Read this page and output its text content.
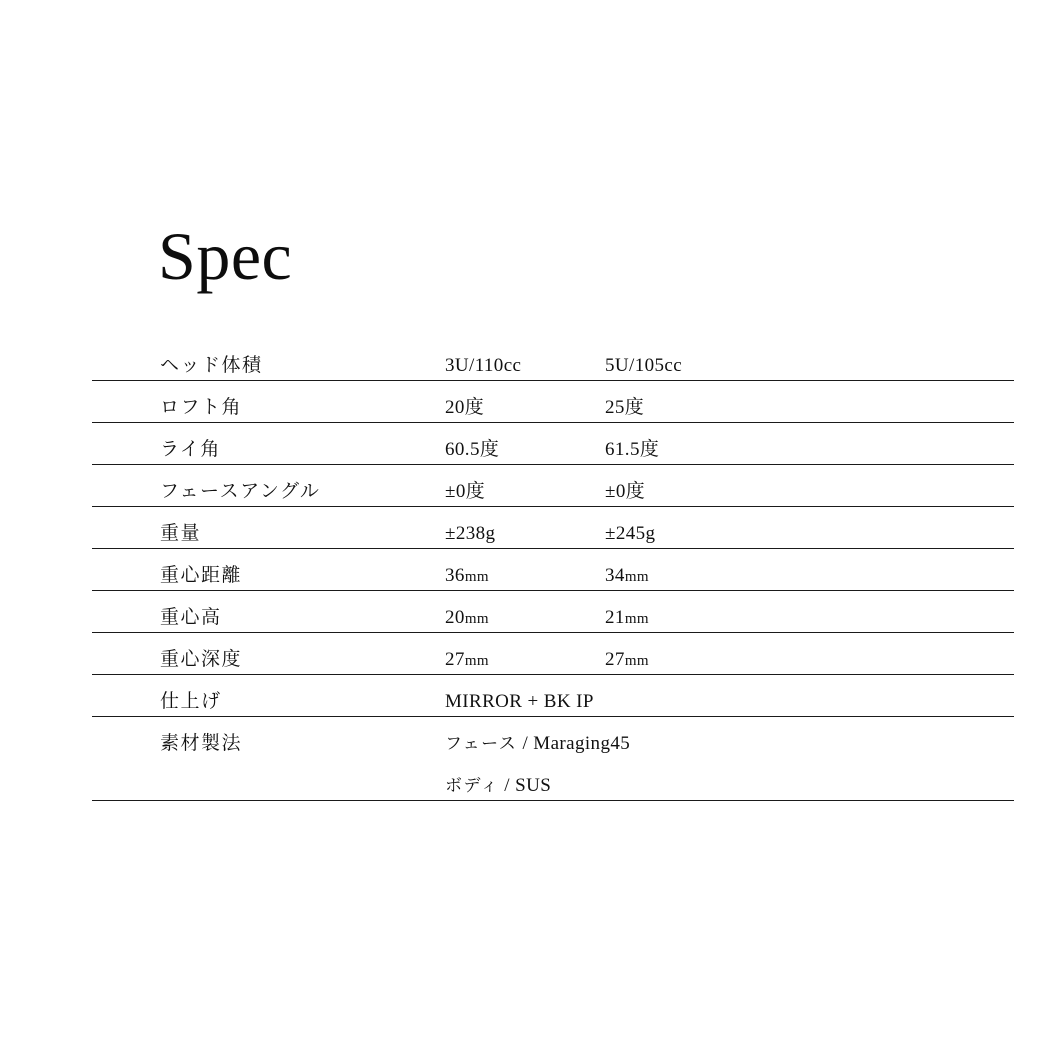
Spec
ヘッド体積	3U/110cc	5U/105cc
ロフト角	20度	25度
ライ角	60.5度	61.5度
フェースアングル	±0度	±0度
重量	±238g	±245g
重心距離	36mm	34mm
重心高	20mm	21mm
重心深度	27mm	27mm
仕上げ	MIRROR + BK IP	
素材製法	フェース / Maraging45	
	ボディ / SUS	
